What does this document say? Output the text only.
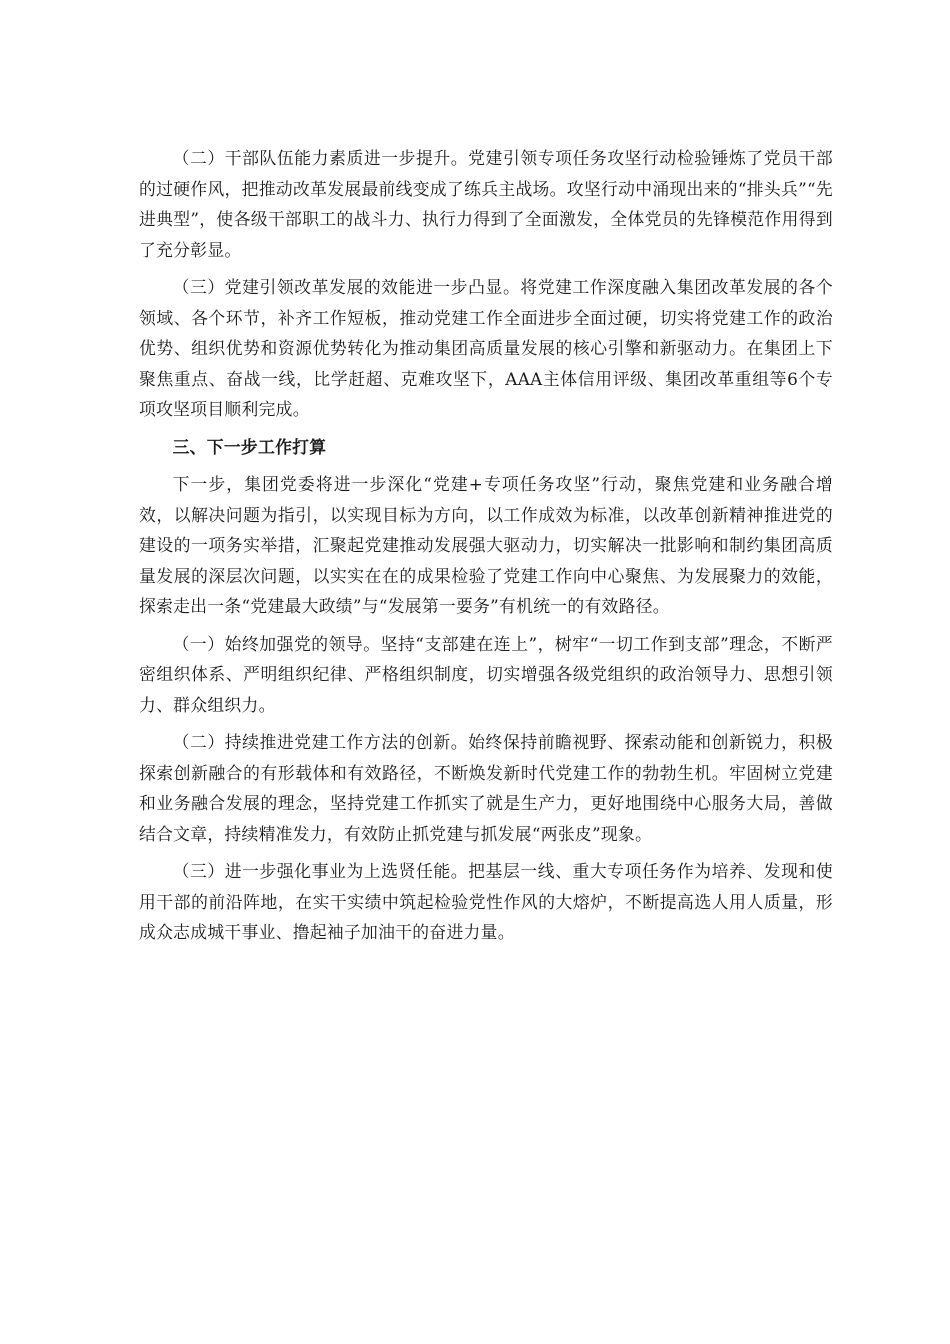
（二）干部队伍能力素质进一步提升。党建引领专项任务攻坚行动检验锤炼了党员干部的过硬作风，把推动改革发展最前线变成了练兵主战场。攻坚行动中涌现出来的“排头兵”“先进典型”，使各级干部职工的战斗力、执行力得到了全面激发，全体党员的先锋模范作用得到了充分彰显。

（三）党建引领改革发展的效能进一步凸显。将党建工作深度融入集团改革发展的各个领域、各个环节，补齐工作短板，推动党建工作全面进步全面过硬，切实将党建工作的政治优势、组织优势和资源优势转化为推动集团高质量发展的核心引擎和新驱动力。在集团上下聚焦重点、奋战一线，比学赶超、克难攻坚下，AAA主体信用评级、集团改革重组等6个专项攻坚项目顺利完成。

三、下一步工作打算

下一步，集团党委将进一步深化“党建+专项任务攻坚”行动，聚焦党建和业务融合增效，以解决问题为指引，以实现目标为方向，以工作成效为标准，以改革创新精神推进党的建设的一项务实举措，汇聚起党建推动发展强大驱动力，切实解决一批影响和制约集团高质量发展的深层次问题，以实实在在的成果检验了党建工作向中心聚焦、为发展聚力的效能，探索走出一条“党建最大政绩”与“发展第一要务”有机统一的有效路径。

（一）始终加强党的领导。坚持“支部建在连上”，树牢“一切工作到支部”理念，不断严密组织体系、严明组织纪律、严格组织制度，切实增强各级党组织的政治领导力、思想引领力、群众组织力。

（二）持续推进党建工作方法的创新。始终保持前瞻视野、探索动能和创新锐力，积极探索创新融合的有形载体和有效路径，不断焕发新时代党建工作的勃勃生机。牢固树立党建和业务融合发展的理念，坚持党建工作抓实了就是生产力，更好地围绕中心服务大局，善做结合文章，持续精准发力，有效防止抓党建与抓发展“两张皮”现象。

（三）进一步强化事业为上选贤任能。把基层一线、重大专项任务作为培养、发现和使用干部的前沿阵地，在实干实绩中筑起检验党性作风的大熔炉，不断提高选人用人质量，形成众志成城干事业、撸起袖子加油干的奋进力量。
